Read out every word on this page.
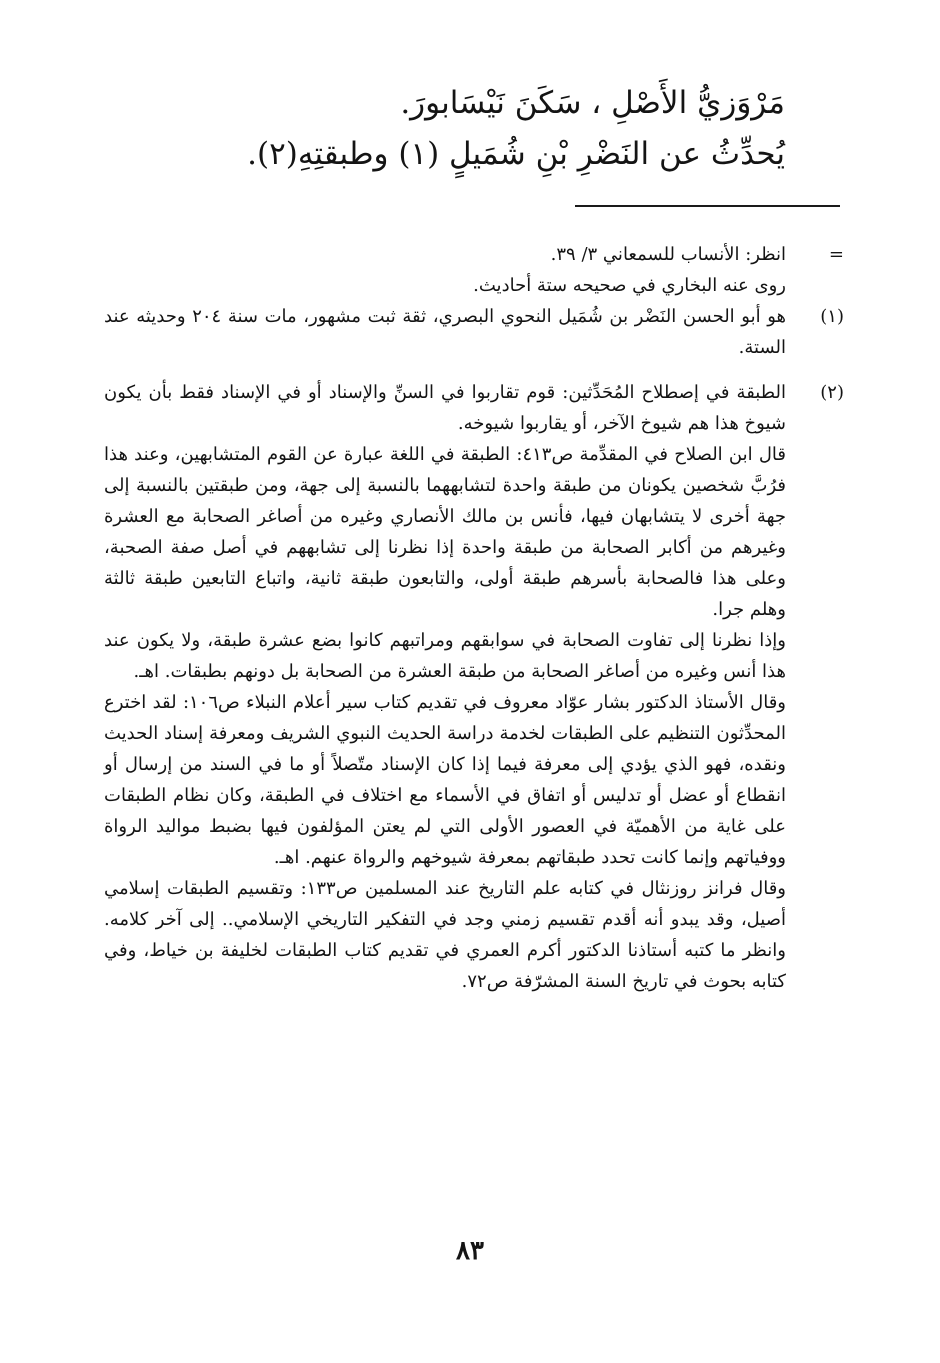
مَرْوَزيُّ الأَصْلِ ، سَكَنَ نَيْسَابورَ.
يُحدِّثُ عن النَضْرِ بْنِ شُمَيلٍ (١) وطبقتِهِ(٢).
=
انظر: الأنساب للسمعاني ٣/ ٣٩.
روى عنه البخاري في صحيحه ستة أحاديث.
(١)
هو أبو الحسن النَضْر بن شُمَيل النحوي البصري، ثقة ثبت مشهور، مات سنة ٢٠٤ وحديثه عند الستة.
(٢)
الطبقة في إصطلاح المُحَدِّثين: قوم تقاربوا في السنِّ والإسناد أو في الإسناد فقط بأن يكون شيوخ هذا هم شيوخ الآخر، أو يقاربوا شيوخه.
قال ابن الصلاح في المقدِّمة ص٤١٣: الطبقة في اللغة عبارة عن القوم المتشابهين، وعند هذا فرُبَّ شخصين يكونان من طبقة واحدة لتشابههما بالنسبة إلى جهة، ومن طبقتين بالنسبة إلى جهة أخرى لا يتشابهان فيها، فأنس بن مالك الأنصاري وغيره من أصاغر الصحابة مع العشرة وغيرهم من أكابر الصحابة من طبقة واحدة إذا نظرنا إلى تشابههم في أصل صفة الصحبة، وعلى هذا فالصحابة بأسرهم طبقة أولى، والتابعون طبقة ثانية، واتباع التابعين طبقة ثالثة وهلم جرا.
وإذا نظرنا إلى تفاوت الصحابة في سوابقهم ومراتبهم كانوا بضع عشرة طبقة، ولا يكون عند هذا أنس وغيره من أصاغر الصحابة من طبقة العشرة من الصحابة بل دونهم بطبقات. اهـ.
وقال الأستاذ الدكتور بشار عوّاد معروف في تقديم كتاب سير أعلام النبلاء ص١٠٦: لقد اخترع المحدِّثون التنظيم على الطبقات لخدمة دراسة الحديث النبوي الشريف ومعرفة إسناد الحديث ونقده، فهو الذي يؤدي إلى معرفة فيما إذا كان الإسناد متّصلاً أو ما في السند من إرسال أو انقطاع أو عضل أو تدليس أو اتفاق في الأسماء مع اختلاف في الطبقة، وكان نظام الطبقات على غاية من الأهميّة في العصور الأولى التي لم يعتن المؤلفون فيها بضبط مواليد الرواة ووفياتهم وإنما كانت تحدد طبقاتهم بمعرفة شيوخهم والرواة عنهم. اهـ.
وقال فرانز روزنثال في كتابه علم التاريخ عند المسلمين ص١٣٣: وتقسيم الطبقات إسلامي أصيل، وقد يبدو أنه أقدم تقسيم زمني وجد في التفكير التاريخي الإسلامي.. إلى آخر كلامه. وانظر ما كتبه أستاذنا الدكتور أكرم العمري في تقديم كتاب الطبقات لخليفة بن خياط، وفي كتابه بحوث في تاريخ السنة المشرّفة ص٧٢.
٨٣
